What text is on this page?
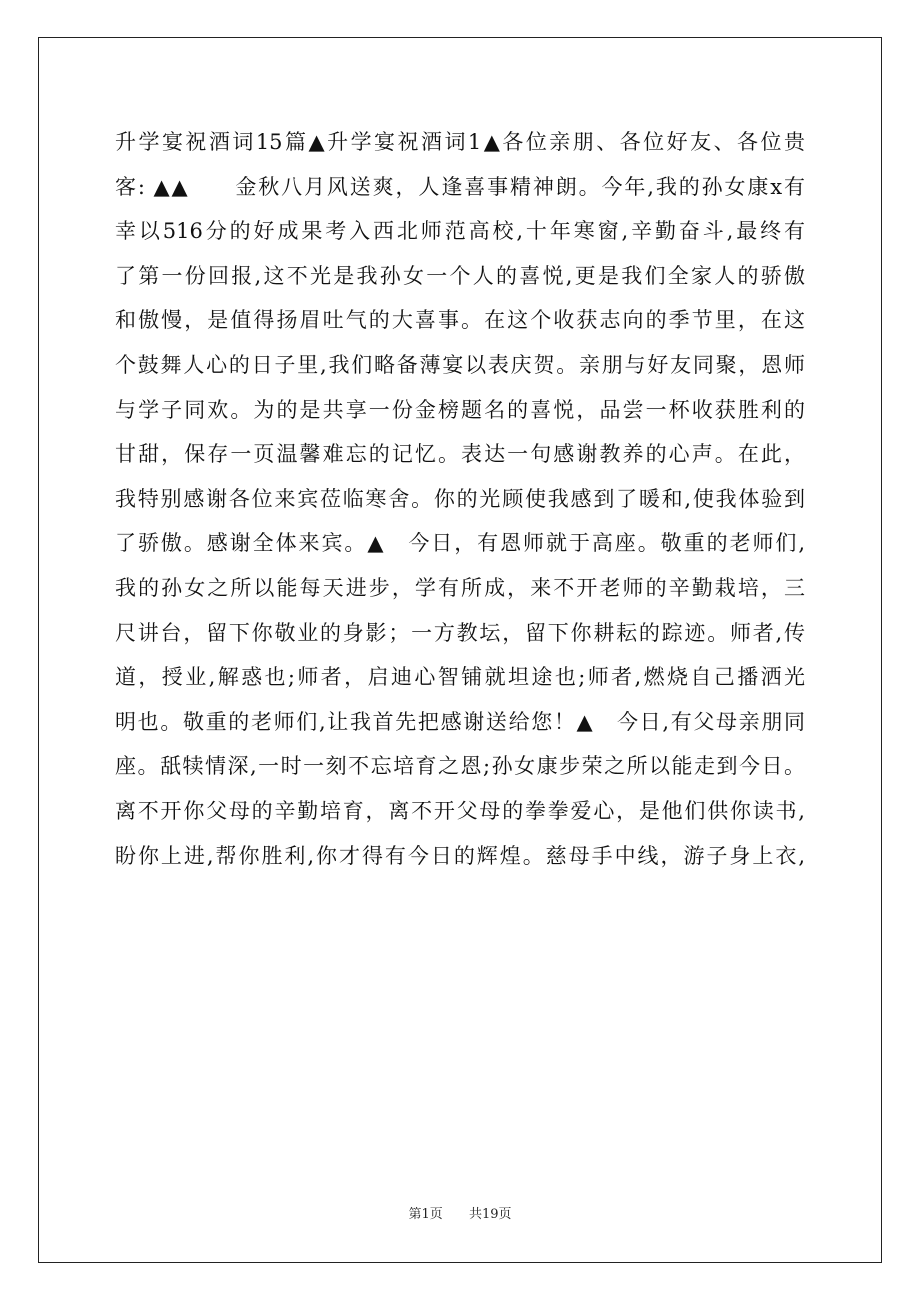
升学宴祝酒词15篇▲升学宴祝酒词1▲各位亲朋、各位好友、各位贵
客: ▲▲　　金秋八月风送爽，人逢喜事精神朗。今年,我的孙女康x有
幸以516分的好成果考入西北师范高校,十年寒窗,辛勤奋斗,最终有
了第一份回报,这不光是我孙女一个人的喜悦,更是我们全家人的骄傲
和傲慢，是值得扬眉吐气的大喜事。在这个收获志向的季节里，在这
个鼓舞人心的日子里,我们略备薄宴以表庆贺。亲朋与好友同聚，恩师
与学子同欢。为的是共享一份金榜题名的喜悦，品尝一杯收获胜利的
甘甜，保存一页温馨难忘的记忆。表达一句感谢教养的心声。在此，
我特别感谢各位来宾莅临寒舍。你的光顾使我感到了暖和,使我体验到
了骄傲。感谢全体来宾。▲　今日，有恩师就于高座。敬重的老师们,
我的孙女之所以能每天进步，学有所成，来不开老师的辛勤栽培，三
尺讲台，留下你敬业的身影；一方教坛，留下你耕耘的踪迹。师者,传
道，授业,解惑也;师者，启迪心智铺就坦途也;师者,燃烧自己播洒光
明也。敬重的老师们,让我首先把感谢送给您！▲　今日,有父母亲朋同
座。舐犊情深,一时一刻不忘培育之恩;孙女康步荣之所以能走到今日。
离不开你父母的辛勤培育，离不开父母的拳拳爱心，是他们供你读书,
盼你上进,帮你胜利,你才得有今日的辉煌。慈母手中线，游子身上衣,
第1页 共19页
